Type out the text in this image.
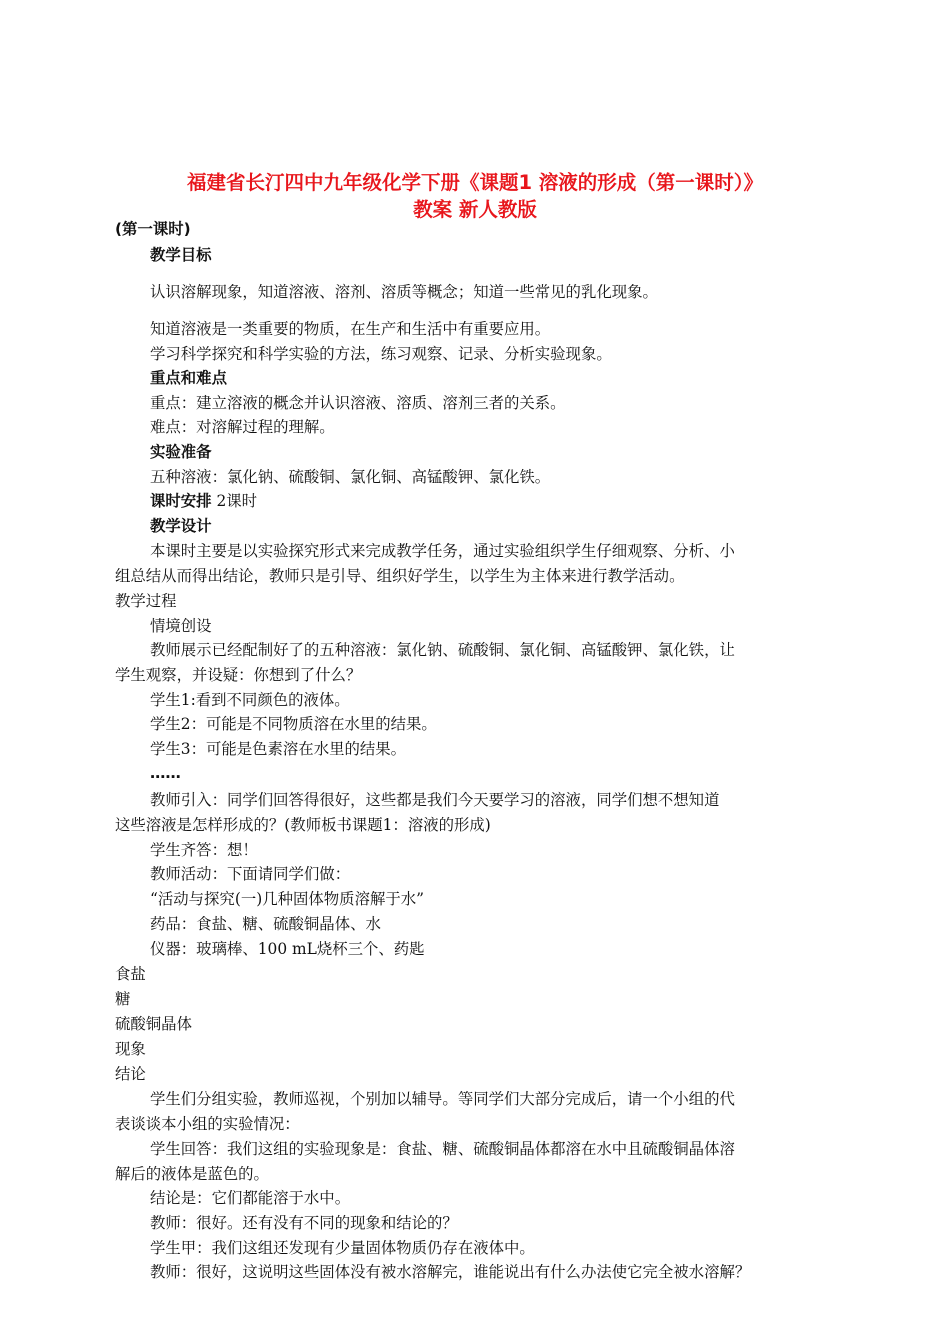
福建省长汀四中九年级化学下册《课题1 溶液的形成（第一课时）》
教案 新人教版
(第一课时)
教学目标
认识溶解现象，知道溶液、溶剂、溶质等概念；知道一些常见的乳化现象。
知道溶液是一类重要的物质，在生产和生活中有重要应用。
学习科学探究和科学实验的方法，练习观察、记录、分析实验现象。
重点和难点
重点：建立溶液的概念并认识溶液、溶质、溶剂三者的关系。
难点：对溶解过程的理解。
实验准备
五种溶液：氯化钠、硫酸铜、氯化铜、高锰酸钾、氯化铁。
课时安排 2课时
教学设计
本课时主要是以实验探究形式来完成教学任务，通过实验组织学生仔细观察、分析、小
组总结从而得出结论，教师只是引导、组织好学生，以学生为主体来进行教学活动。
教学过程
情境创设
教师展示已经配制好了的五种溶液：氯化钠、硫酸铜、氯化铜、高锰酸钾、氯化铁，让
学生观察，并设疑：你想到了什么？
学生1:看到不同颜色的液体。
学生2：可能是不同物质溶在水里的结果。
学生3：可能是色素溶在水里的结果。
……
教师引入：同学们回答得很好，这些都是我们今天要学习的溶液，同学们想不想知道
这些溶液是怎样形成的？(教师板书课题1：溶液的形成)
学生齐答：想！
教师活动：下面请同学们做：
“活动与探究(一)几种固体物质溶解于水”
药品：食盐、糖、硫酸铜晶体、水
仪器：玻璃棒、100 mL烧杯三个、药匙
食盐
糖
硫酸铜晶体
现象
结论
学生们分组实验，教师巡视，个别加以辅导。等同学们大部分完成后，请一个小组的代
表谈谈本小组的实验情况：
学生回答：我们这组的实验现象是：食盐、糖、硫酸铜晶体都溶在水中且硫酸铜晶体溶
解后的液体是蓝色的。
结论是：它们都能溶于水中。
教师：很好。还有没有不同的现象和结论的？
学生甲：我们这组还发现有少量固体物质仍存在液体中。
教师：很好，这说明这些固体没有被水溶解完，谁能说出有什么办法使它完全被水溶解？
